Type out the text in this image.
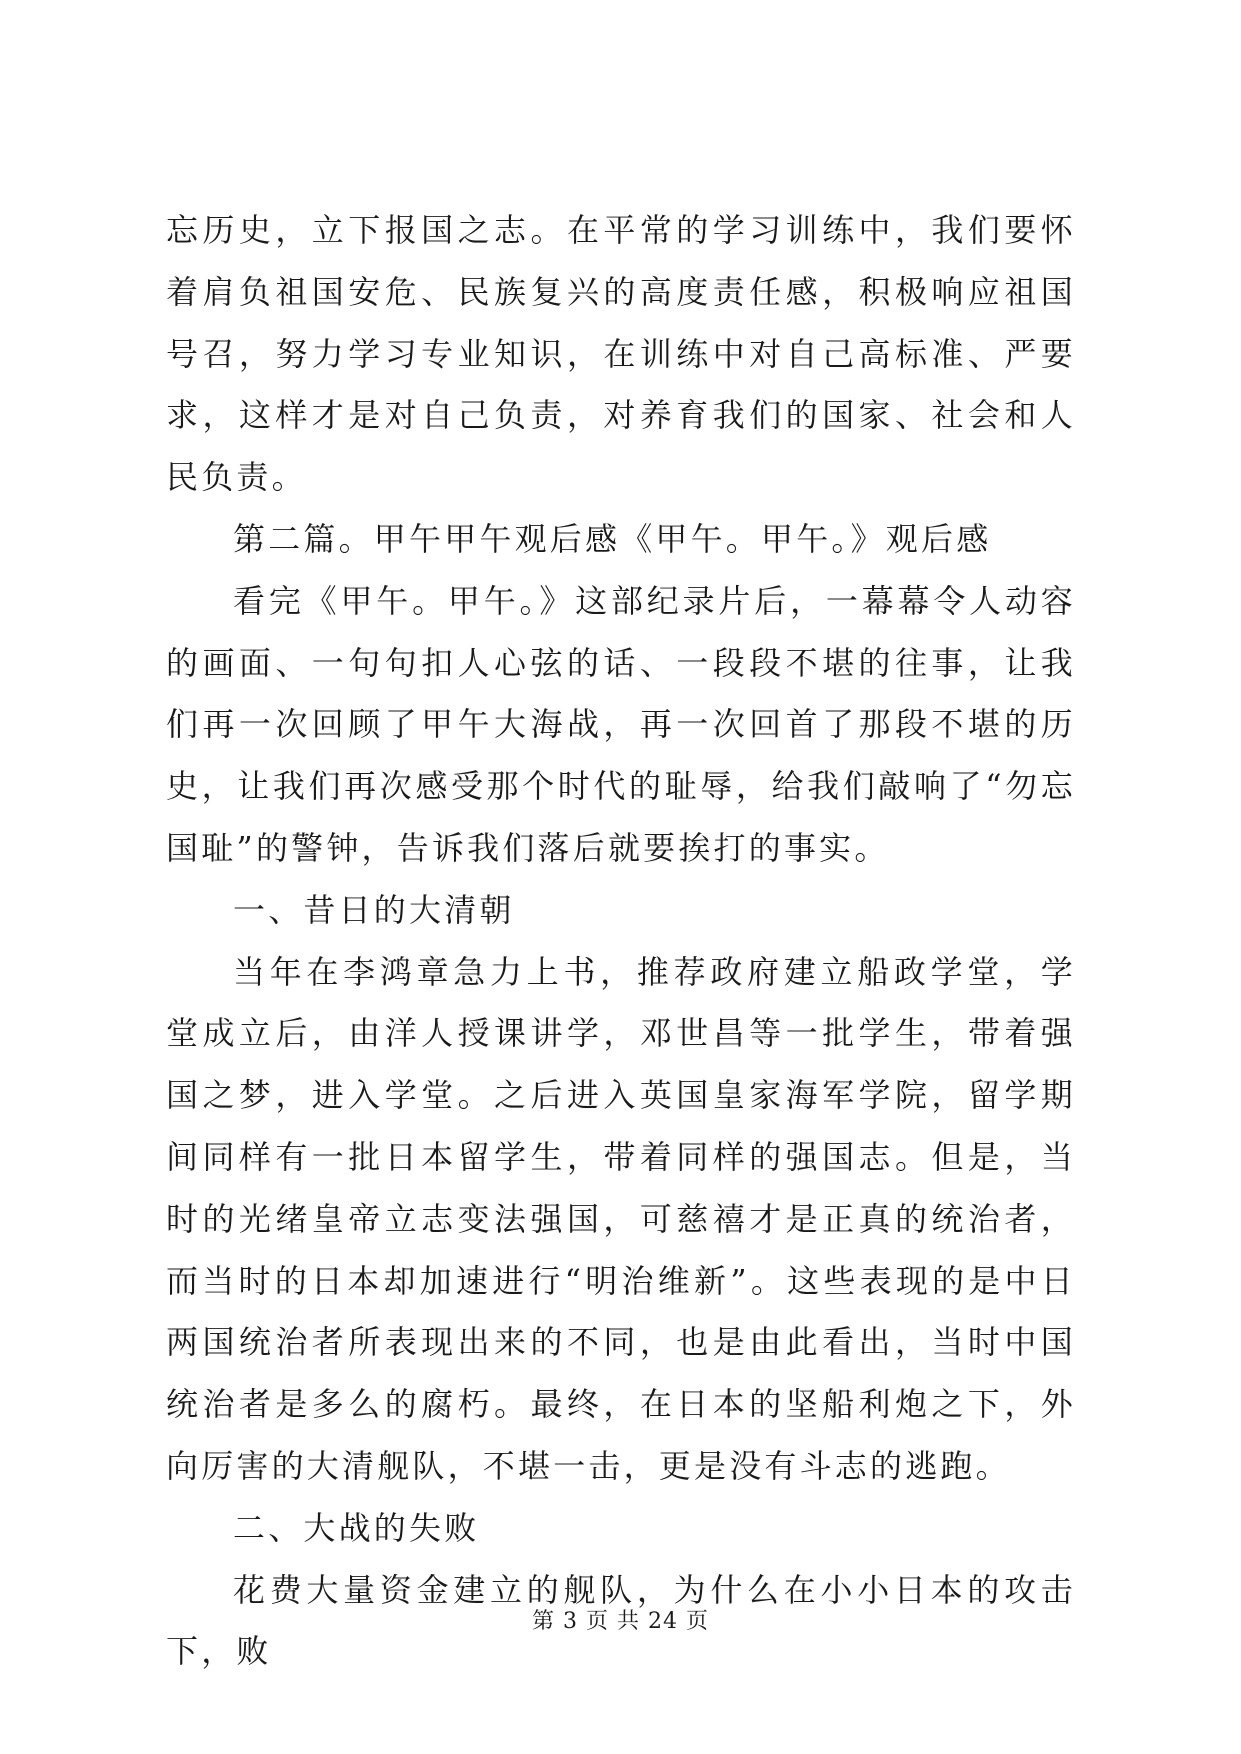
忘历史，立下报国之志。在平常的学习训练中，我们要怀着肩负祖国安危、民族复兴的高度责任感，积极响应祖国号召，努力学习专业知识，在训练中对自己高标准、严要求，这样才是对自己负责，对养育我们的国家、社会和人民负责。

第二篇。甲午甲午观后感《甲午。甲午。》观后感

看完《甲午。甲午。》这部纪录片后，一幕幕令人动容的画面、一句句扣人心弦的话、一段段不堪的往事，让我们再一次回顾了甲午大海战，再一次回首了那段不堪的历史，让我们再次感受那个时代的耻辱，给我们敲响了“勿忘国耻”的警钟，告诉我们落后就要挨打的事实。

一、昔日的大清朝

当年在李鸿章急力上书，推荐政府建立船政学堂，学堂成立后，由洋人授课讲学，邓世昌等一批学生，带着强国之梦，进入学堂。之后进入英国皇家海军学院，留学期间同样有一批日本留学生，带着同样的强国志。但是，当时的光绪皇帝立志变法强国，可慈禧才是正真的统治者，而当时的日本却加速进行“明治维新”。这些表现的是中日两国统治者所表现出来的不同，也是由此看出，当时中国统治者是多么的腐朽。最终，在日本的坚船利炮之下，外向厉害的大清舰队，不堪一击，更是没有斗志的逃跑。

二、大战的失败

花费大量资金建立的舰队，为什么在小小日本的攻击下，败

第 3 页 共 24 页
